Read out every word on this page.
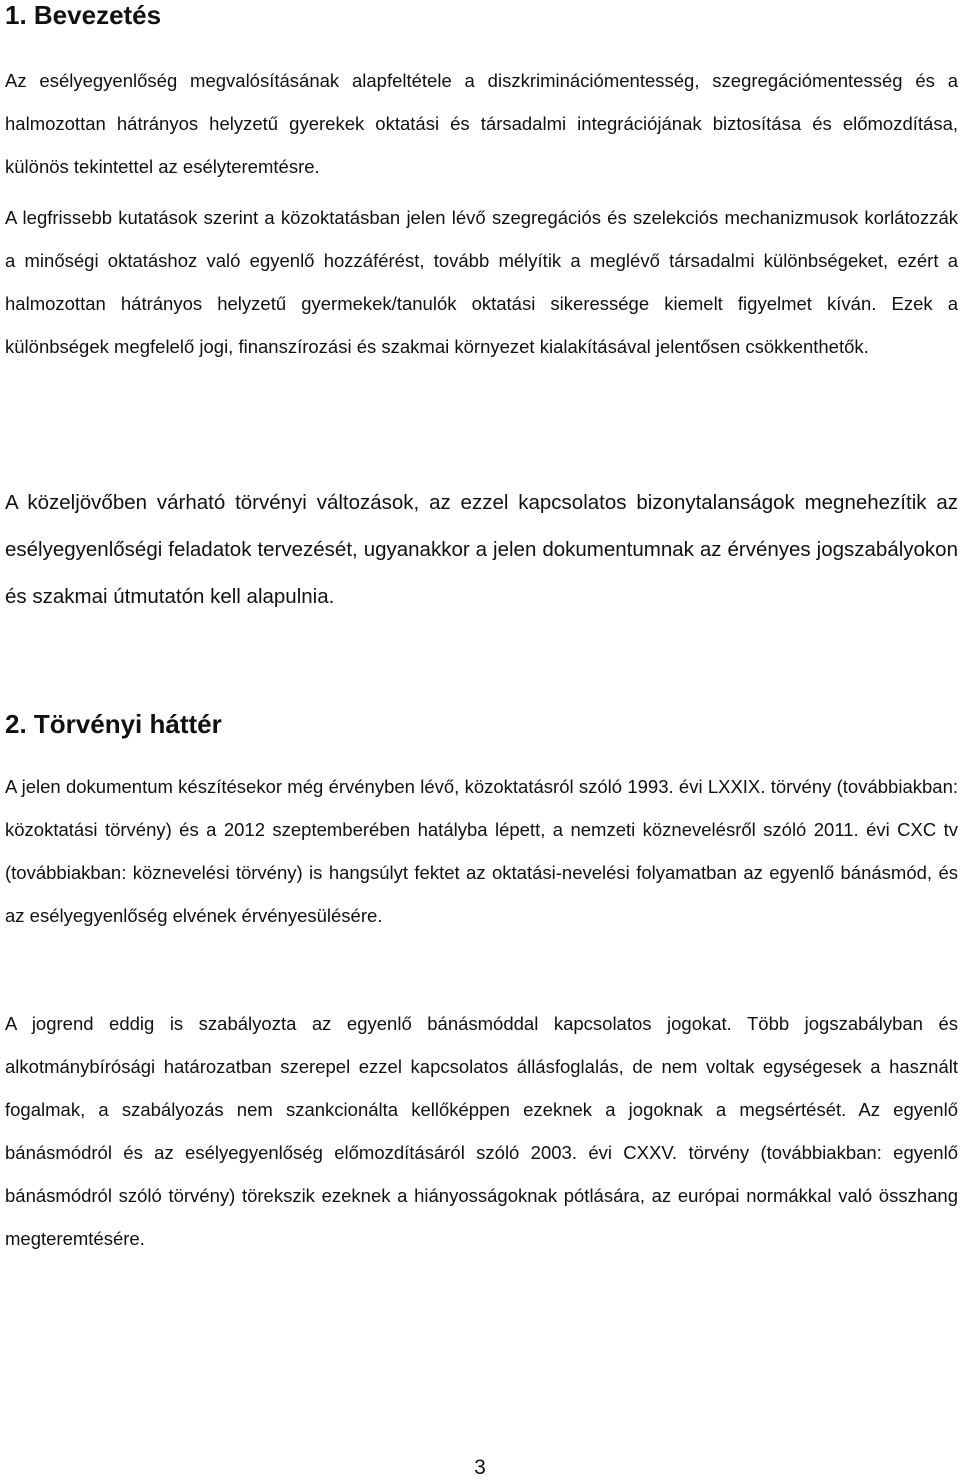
1. Bevezetés

Az esélyegyenlőség megvalósításának alapfeltétele a diszkriminációmentesség, szegregációmentesség és a halmozottan hátrányos helyzetű gyerekek oktatási és társadalmi integrációjának biztosítása és előmozdítása, különös tekintettel az esélyteremtésre.

A legfrissebb kutatások szerint a közoktatásban jelen lévő szegregációs és szelekciós mechanizmusok korlátozzák a minőségi oktatáshoz való egyenlő hozzáférést, tovább mélyítik a meglévő társadalmi különbségeket, ezért a halmozottan hátrányos helyzetű gyermekek/tanulók oktatási sikeressége kiemelt figyelmet kíván. Ezek a különbségek megfelelő jogi, finanszírozási és szakmai környezet kialakításával jelentősen csökkenthetők.

A közeljövőben várható törvényi változások, az ezzel kapcsolatos bizonytalanságok megnehezítik az esélyegyenlőségi feladatok tervezését, ugyanakkor a jelen dokumentumnak az érvényes jogszabályokon és szakmai útmutatón kell alapulnia.

2. Törvényi háttér

A jelen dokumentum készítésekor még érvényben lévő, közoktatásról szóló 1993. évi LXXIX. törvény (továbbiakban: közoktatási törvény) és a 2012 szeptemberében hatályba lépett, a nemzeti köznevelésről szóló 2011. évi CXC tv (továbbiakban: köznevelési törvény) is hangsúlyt fektet az oktatási-nevelési folyamatban az egyenlő bánásmód, és az esélyegyenlőség elvének érvényesülésére.

A jogrend eddig is szabályozta az egyenlő bánásmóddal kapcsolatos jogokat. Több jogszabályban és alkotmánybírósági határozatban szerepel ezzel kapcsolatos állásfoglalás, de nem voltak egységesek a használt fogalmak, a szabályozás nem szankcionálta kellőképpen ezeknek a jogoknak a megsértését. Az egyenlő bánásmódról és az esélyegyenlőség előmozdításáról szóló 2003. évi CXXV. törvény (továbbiakban: egyenlő bánásmódról szóló törvény) törekszik ezeknek a hiányosságoknak pótlására, az európai normákkal való összhang megteremtésére.

3
